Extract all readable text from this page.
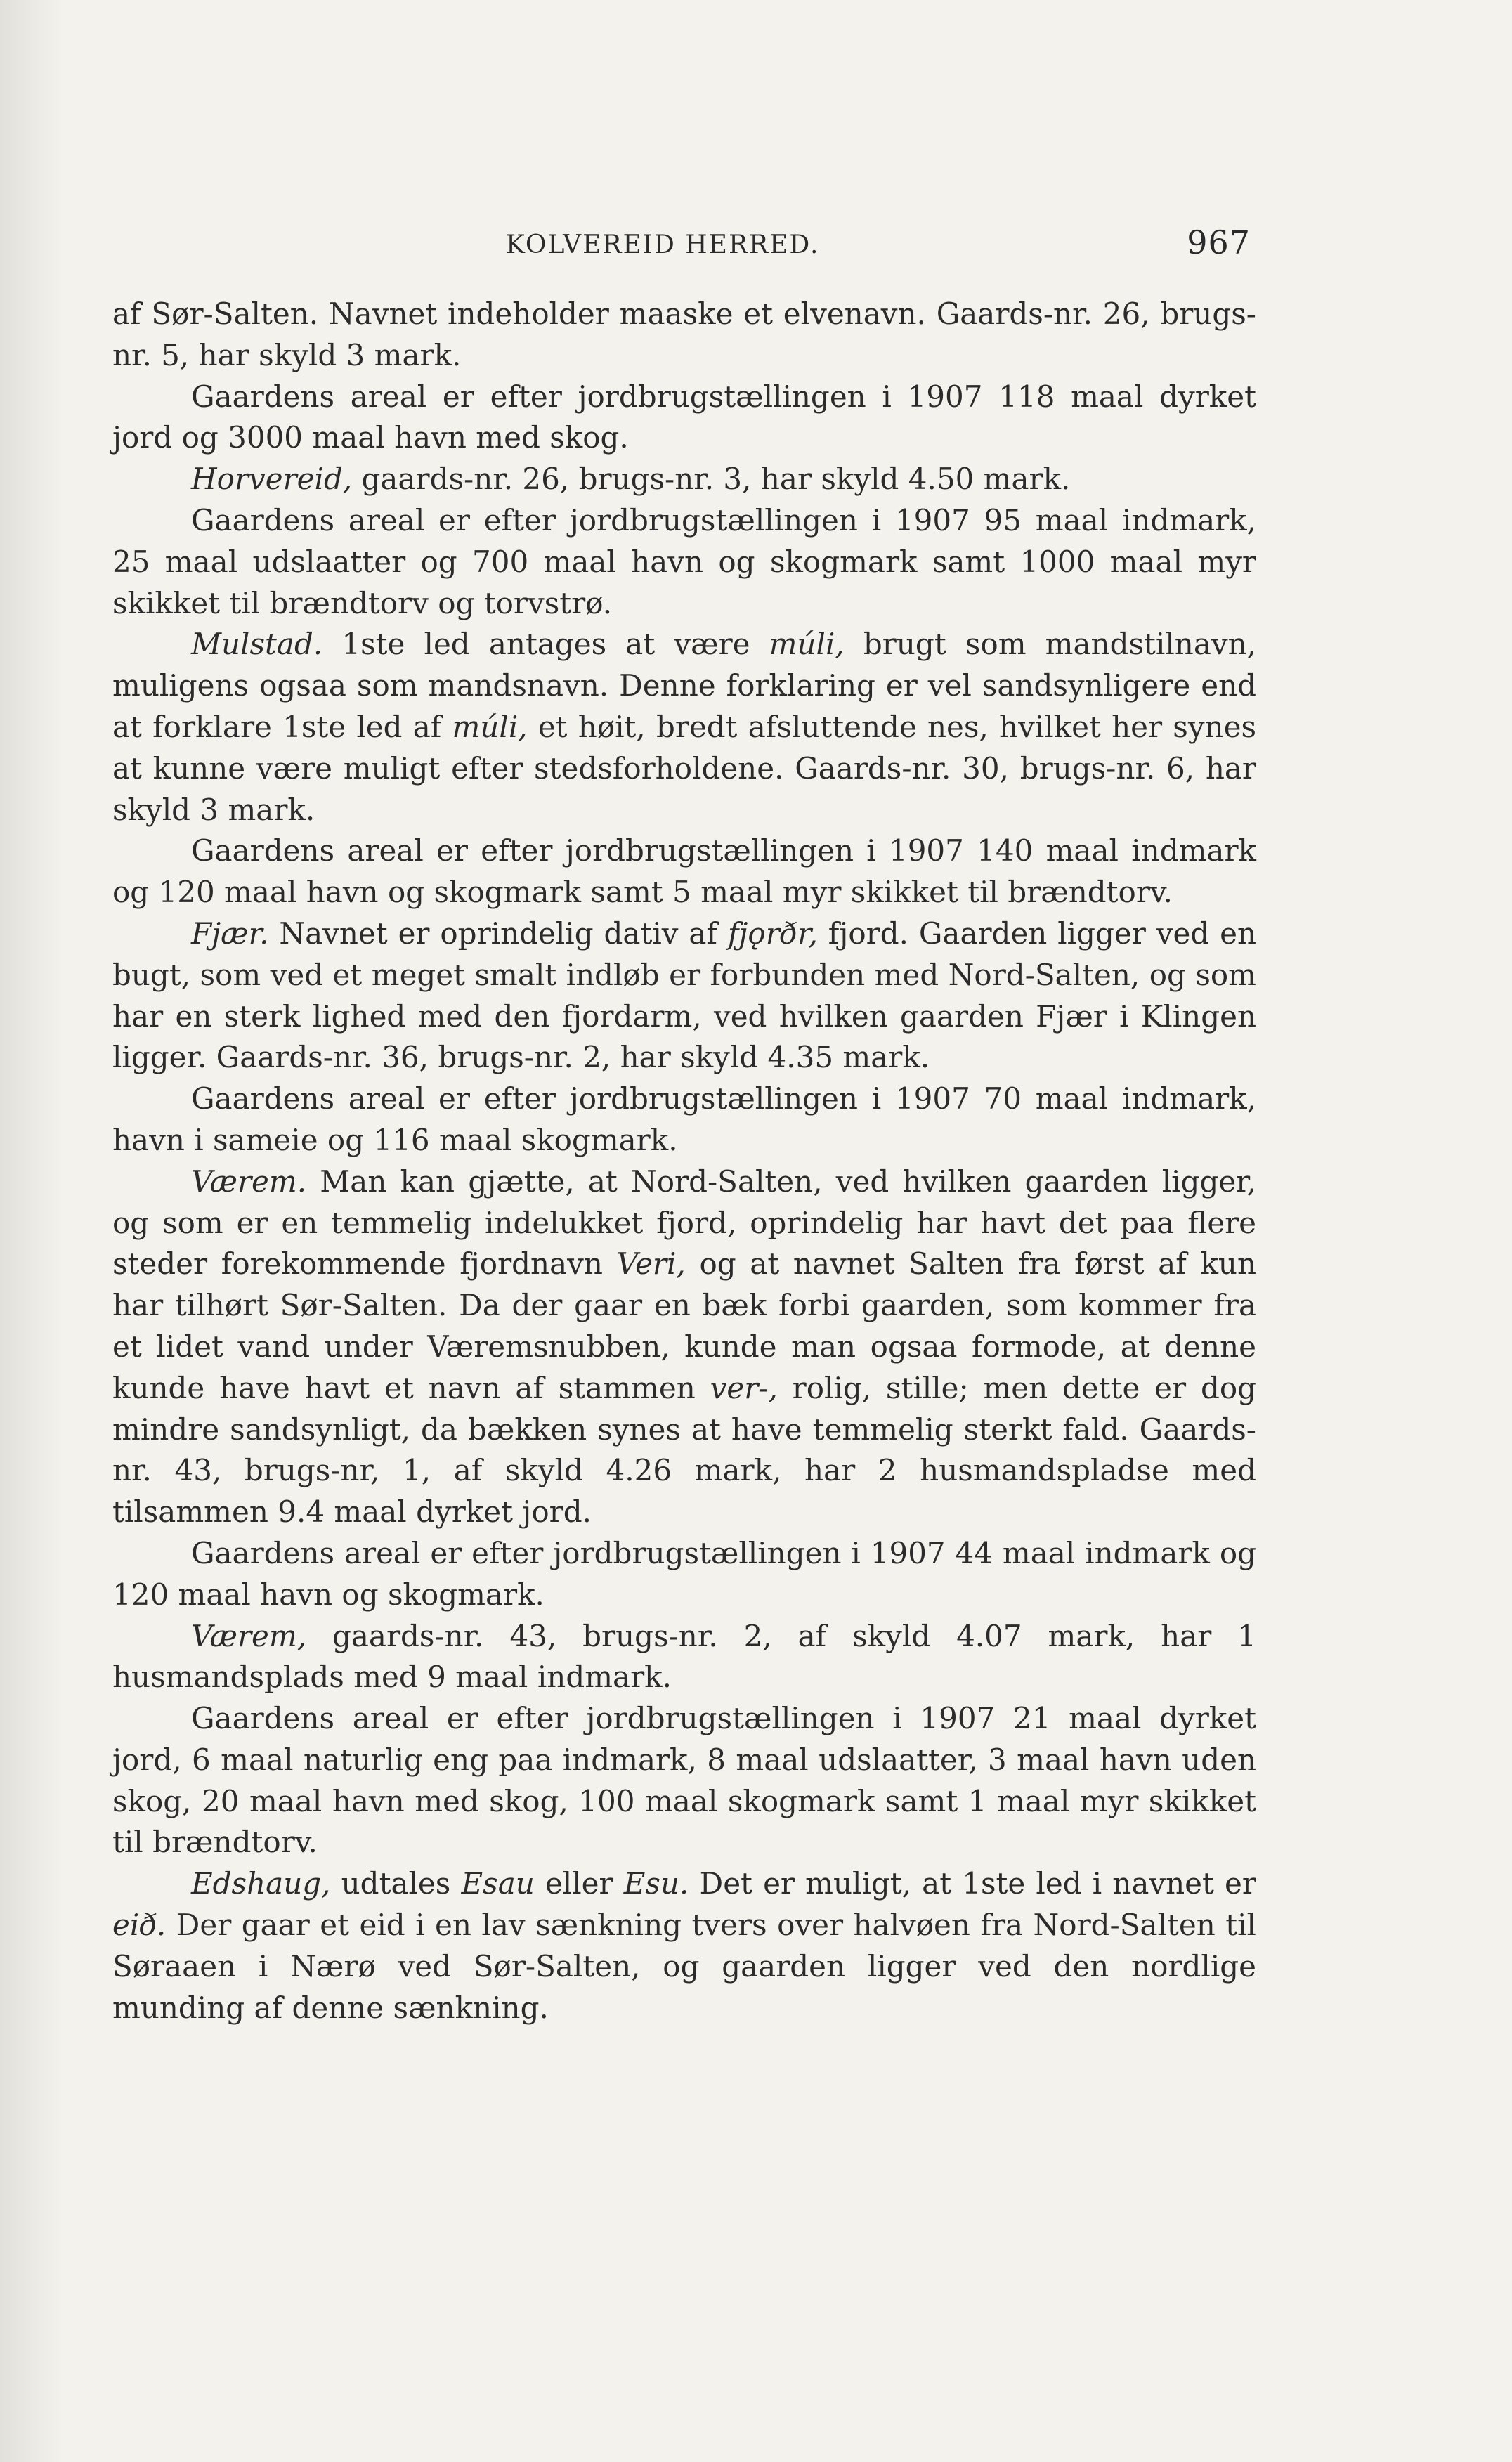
KOLVEREID HERRED.	967

af Sør-Salten. Navnet indeholder maaske et elvenavn. Gaards-nr. 26, brugs-nr. 5, har skyld 3 mark.

Gaardens areal er efter jordbrugstællingen i 1907 118 maal dyrket jord og 3000 maal havn med skog.

Horvereid, gaards-nr. 26, brugs-nr. 3, har skyld 4.50 mark.

Gaardens areal er efter jordbrugstællingen i 1907 95 maal indmark, 25 maal udslaatter og 700 maal havn og skogmark samt 1000 maal myr skikket til brændtorv og torvstrø.

Mulstad. 1ste led antages at være múli, brugt som mandstilnavn, muligens ogsaa som mandsnavn. Denne forklaring er vel sandsynligere end at forklare 1ste led af múli, et høit, bredt afsluttende nes, hvilket her synes at kunne være muligt efter stedsforholdene. Gaards-nr. 30, brugs-nr. 6, har skyld 3 mark.

Gaardens areal er efter jordbrugstællingen i 1907 140 maal indmark og 120 maal havn og skogmark samt 5 maal myr skikket til brændtorv.

Fjær. Navnet er oprindelig dativ af fjǫrðr, fjord. Gaarden ligger ved en bugt, som ved et meget smalt indløb er forbunden med Nord-Salten, og som har en sterk lighed med den fjordarm, ved hvilken gaarden Fjær i Klingen ligger. Gaards-nr. 36, brugs-nr. 2, har skyld 4.35 mark.

Gaardens areal er efter jordbrugstællingen i 1907 70 maal indmark, havn i sameie og 116 maal skogmark.

Værem. Man kan gjætte, at Nord-Salten, ved hvilken gaarden ligger, og som er en temmelig indelukket fjord, oprindelig har havt det paa flere steder forekommende fjordnavn Veri, og at navnet Salten fra først af kun har tilhørt Sør-Salten. Da der gaar en bæk forbi gaarden, som kommer fra et lidet vand under Væremsnubben, kunde man ogsaa formode, at denne kunde have havt et navn af stammen ver-, rolig, stille; men dette er dog mindre sandsynligt, da bækken synes at have temmelig sterkt fald. Gaards-nr. 43, brugs-nr, 1, af skyld 4.26 mark, har 2 husmandspladse med tilsammen 9.4 maal dyrket jord.

Gaardens areal er efter jordbrugstællingen i 1907 44 maal indmark og 120 maal havn og skogmark.

Værem, gaards-nr. 43, brugs-nr. 2, af skyld 4.07 mark, har 1 husmandsplads med 9 maal indmark.

Gaardens areal er efter jordbrugstællingen i 1907 21 maal dyrket jord, 6 maal naturlig eng paa indmark, 8 maal udslaatter, 3 maal havn uden skog, 20 maal havn med skog, 100 maal skogmark samt 1 maal myr skikket til brændtorv.

Edshaug, udtales Esau eller Esu. Det er muligt, at 1ste led i navnet er eið. Der gaar et eid i en lav sænkning tvers over halvøen fra Nord-Salten til Søraaen i Nærø ved Sør-Salten, og gaarden ligger ved den nordlige munding af denne sænkning.
